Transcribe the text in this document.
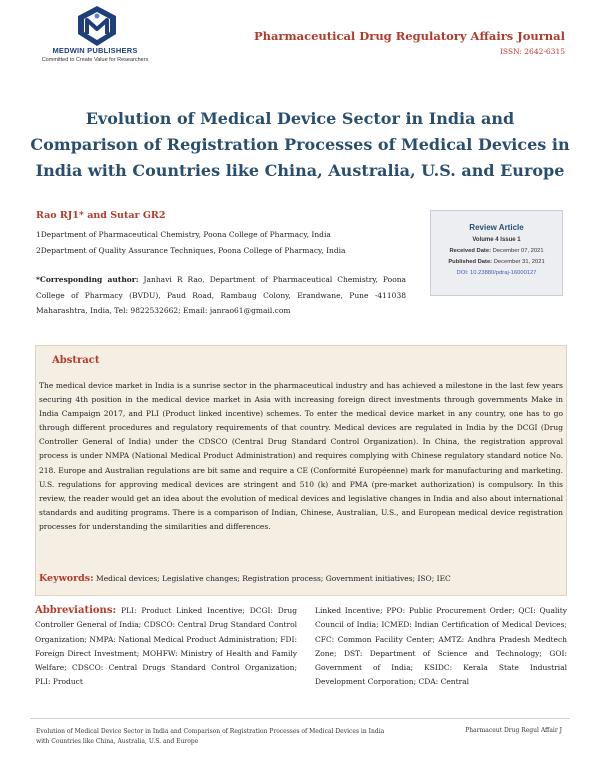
MEDWIN PUBLISHERS
Committed to Create Value for Researchers
Pharmaceutical Drug Regulatory Affairs Journal
ISSN: 2642-6315
Evolution of Medical Device Sector in India and Comparison of Registration Processes of Medical Devices in India with Countries like China, Australia, U.S. and Europe
Rao RJ1* and Sutar GR2
1Department of Pharmaceutical Chemistry, Poona College of Pharmacy, India
2Department of Quality Assurance Techniques, Poona College of Pharmacy, India
*Corresponding author: Janhavi R Rao, Department of Pharmaceutical Chemistry, Poona College of Pharmacy (BVDU), Paud Road, Rambaug Colony, Erandwane, Pune -411038 Maharashtra, India, Tel: 9822532662; Email: janrao61@gmail.com
Review Article
Volume 4 Issue 1
Received Date: December 07, 2021
Published Date: December 31, 2021
DOI: 10.23880/pdraj-16000127
Abstract
The medical device market in India is a sunrise sector in the pharmaceutical industry and has achieved a milestone in the last few years securing 4th position in the medical device market in Asia with increasing foreign direct investments through governments Make in India Campaign 2017, and PLI (Product linked incentive) schemes. To enter the medical device market in any country, one has to go through different procedures and regulatory requirements of that country. Medical devices are regulated in India by the DCGI (Drug Controller General of India) under the CDSCO (Central Drug Standard Control Organization). In China, the registration approval process is under NMPA (National Medical Product Administration) and requires complying with Chinese regulatory standard notice No. 218. Europe and Australian regulations are bit same and require a CE (Conformité Européenne) mark for manufacturing and marketing. U.S. regulations for approving medical devices are stringent and 510 (k) and PMA (pre-market authorization) is compulsory. In this review, the reader would get an idea about the evolution of medical devices and legislative changes in India and also about international standards and auditing programs. There is a comparison of Indian, Chinese, Australian, U.S., and European medical device registration processes for understanding the similarities and differences.
Keywords: Medical devices; Legislative changes; Registration process; Government initiatives; ISO; IEC
Abbreviations: PLI: Product Linked Incentive; DCGI: Drug Controller General of India; CDSCO: Central Drug Standard Control Organization; NMPA: National Medical Product Administration; FDI: Foreign Direct Investment; MOHFW: Ministry of Health and Family Welfare; CDSCO: Central Drugs Standard Control Organization; PLI: Product
Linked Incentive; PPO: Public Procurement Order; QCI: Quality Council of India; ICMED: Indian Certification of Medical Devices; CFC: Common Facility Center; AMTZ: Andhra Pradesh Medtech Zone; DST: Department of Science and Technology; GOI: Government of India; KSIDC: Kerala State Industrial Development Corporation; CDA: Central
Evolution of Medical Device Sector in India and Comparison of Registration Processes of Medical Devices in India with Countries like China, Australia, U.S. and Europe
Pharmaceut Drug Regul Affair J
